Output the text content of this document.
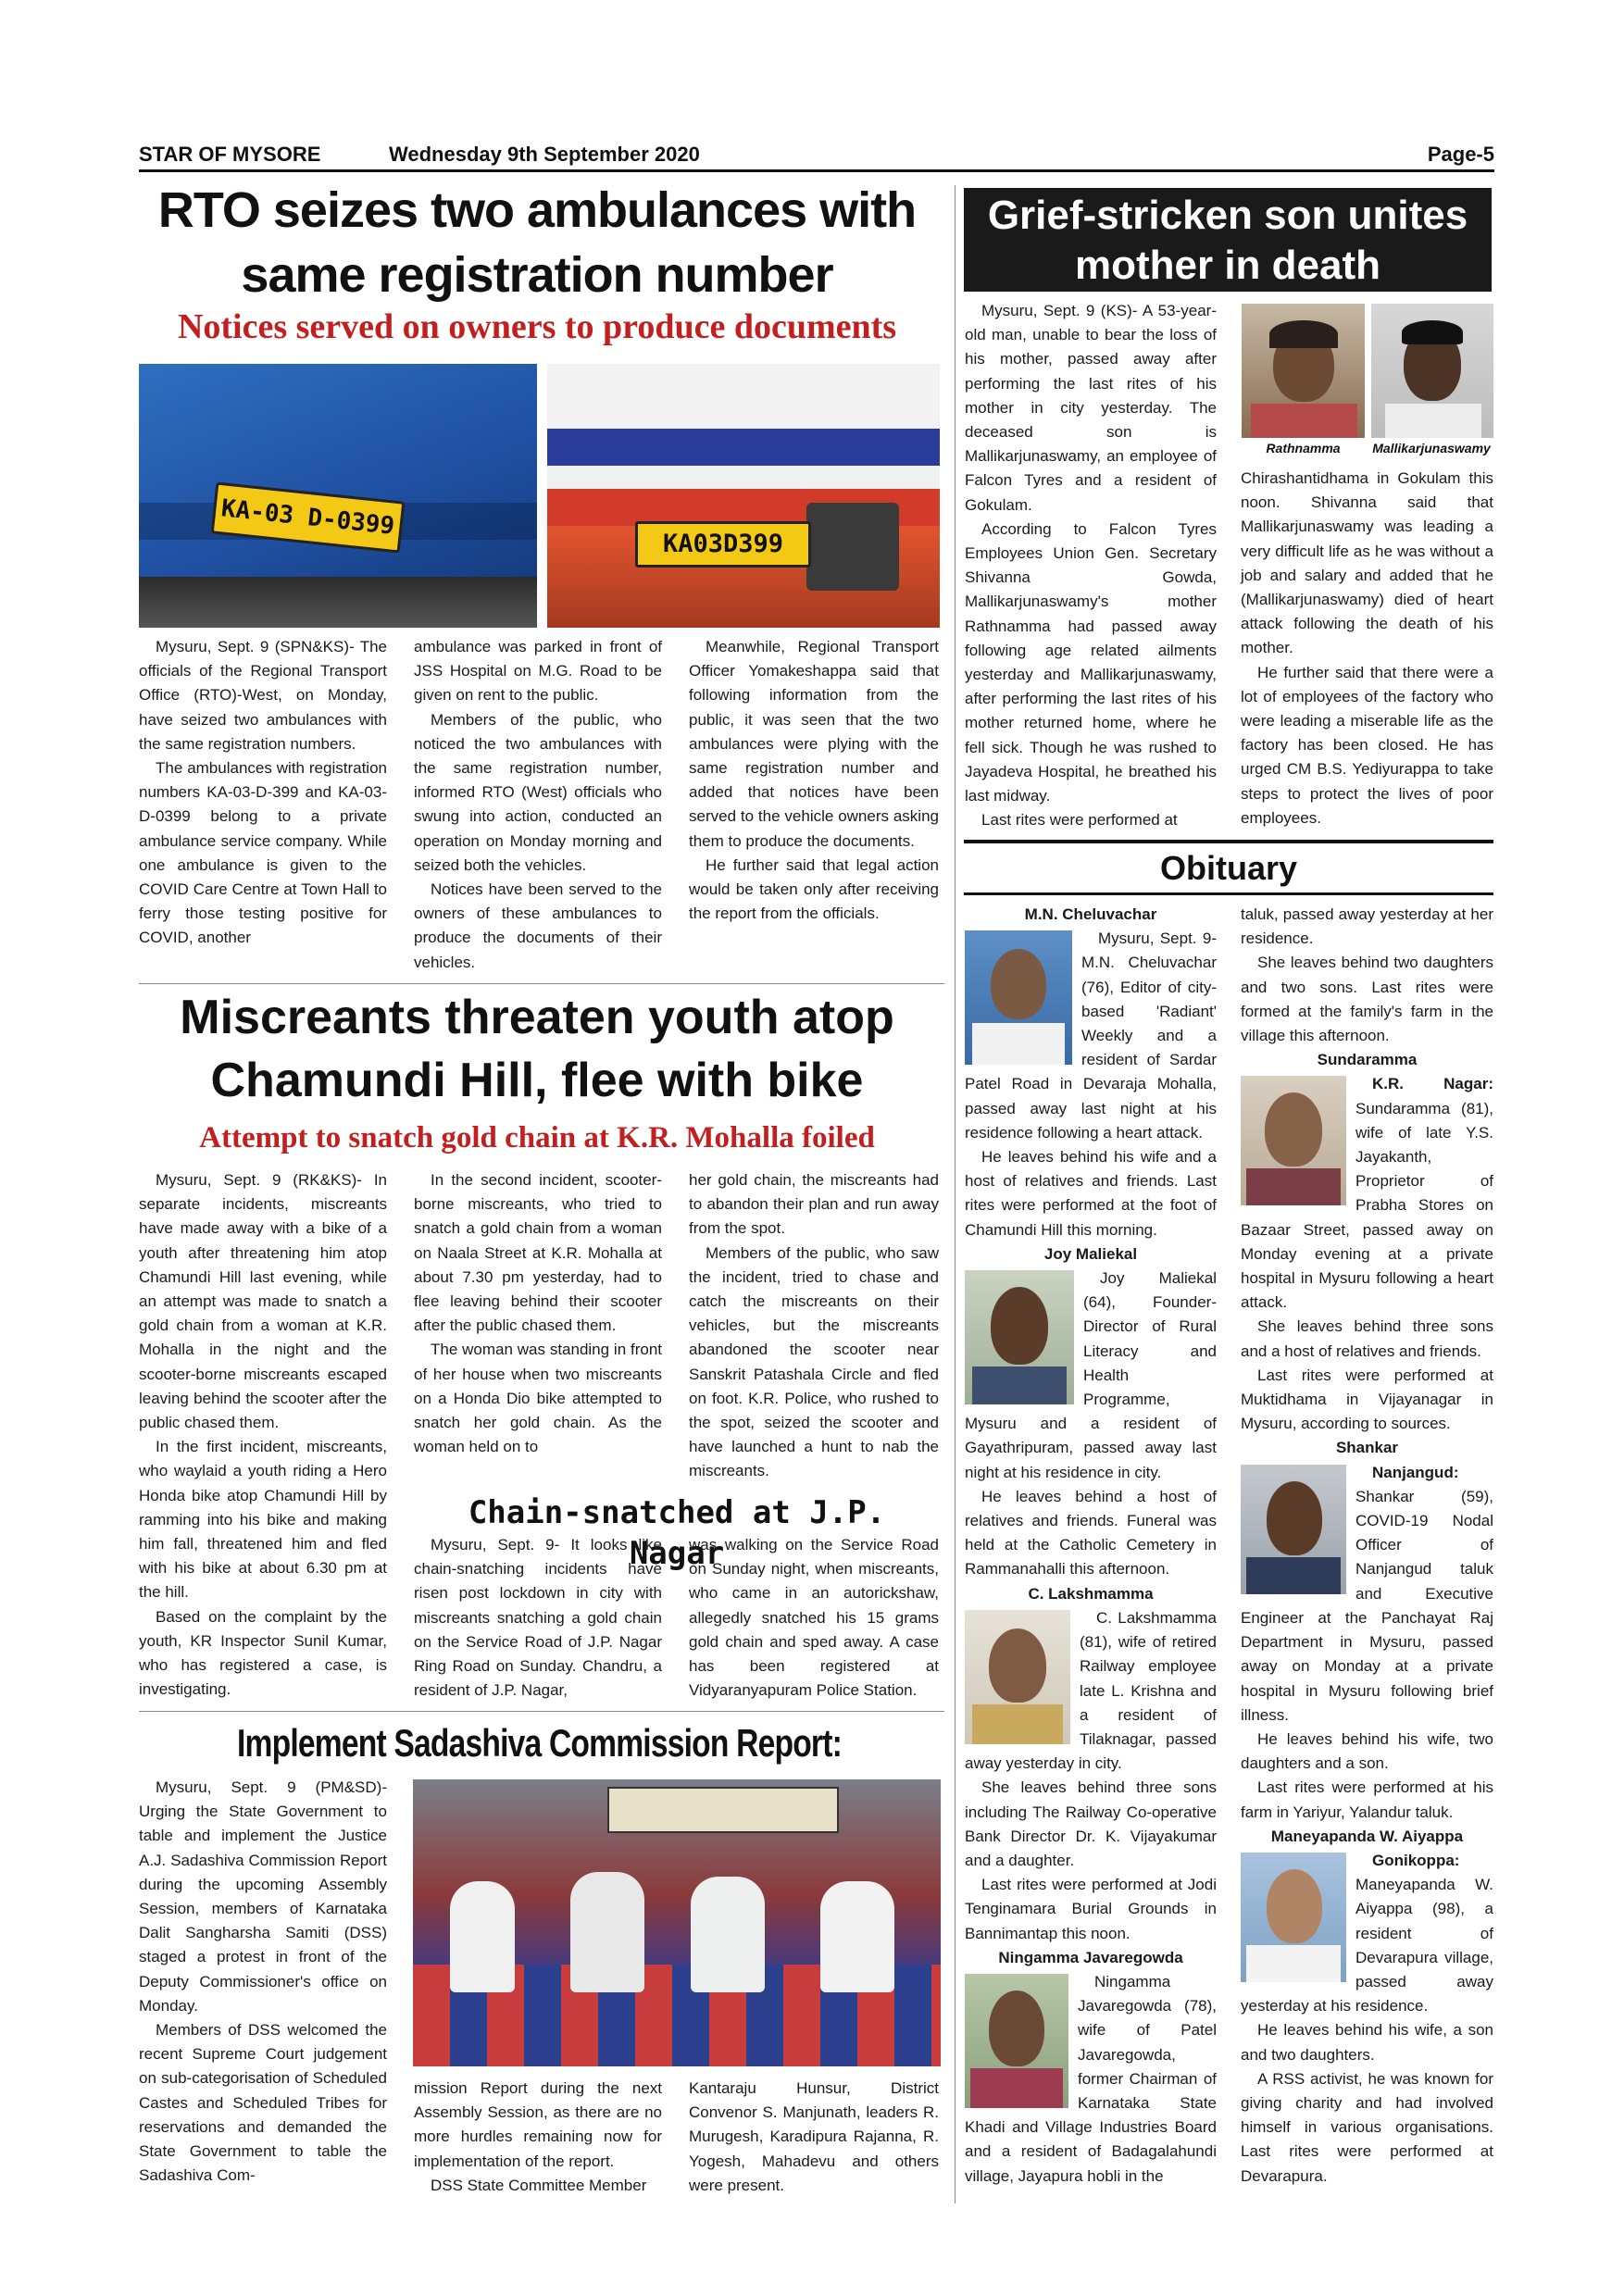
STAR OF MYSORE	Wednesday 9th September 2020	Page-5
RTO seizes two ambulances with
same registration number
Notices served on owners to produce documents
KA-03 D-0399
KA03D399

Mysuru, Sept. 9 (SPN&KS)- The officials of the Regional Transport Office (RTO)-West, on Monday, have seized two ambulances with the same registration numbers.

The ambulances with registration numbers KA-03-D-399 and KA-03-D-0399 belong to a private ambulance service company. While one ambulance is given to the COVID Care Centre at Town Hall to ferry those testing positive for COVID, another

ambulance was parked in front of JSS Hospital on M.G. Road to be given on rent to the public.

Members of the public, who noticed the two ambulances with the same registration number, informed RTO (West) officials who swung into action, conducted an operation on Monday morning and seized both the vehicles.

Notices have been served to the owners of these ambulances to produce the documents of their vehicles.

Meanwhile, Regional Transport Officer Yomakeshappa said that following information from the public, it was seen that the two ambulances were plying with the same registration number and added that notices have been served to the vehicle owners asking them to produce the documents.

He further said that legal action would be taken only after receiving the report from the officials.

Grief-stricken son unites
mother in death

Mysuru, Sept. 9 (KS)- A 53-year-old man, unable to bear the loss of his mother, passed away after performing the last rites of his mother in city yesterday. The deceased son is Mallikarjunaswamy, an employee of Falcon Tyres and a resident of Gokulam.

According to Falcon Tyres Employees Union Gen. Secretary Shivanna Gowda, Mallikarjunaswamy's mother Rathnamma had passed away following age related ailments yesterday and Mallikarjunaswamy, after performing the last rites of his mother returned home, where he fell sick. Though he was rushed to Jayadeva Hospital, he breathed his last midway.

Last rites were performed at

Rathnamma	Mallikarjunaswamy

Chirashantidhama in Gokulam this noon. Shivanna said that Mallikarjunaswamy was leading a very difficult life as he was without a job and salary and added that he (Mallikarjunaswamy) died of heart attack following the death of his mother.

He further said that there were a lot of employees of the factory who were leading a miserable life as the factory has been closed. He has urged CM B.S. Yediyurappa to take steps to protect the lives of poor employees.

Obituary

M.N. Cheluvachar

Mysuru, Sept. 9- M.N. Cheluvachar (76), Editor of city-based 'Radiant' Weekly and a resident of Sardar Patel Road in Devaraja Mohalla, passed away last night at his residence following a heart attack.

He leaves behind his wife and a host of relatives and friends. Last rites were performed at the foot of Chamundi Hill this morning.

Joy Maliekal

Joy Maliekal (64), Founder-Director of Rural Literacy and Health Programme, Mysuru and a resident of Gayathripuram, passed away last night at his residence in city.

He leaves behind a host of relatives and friends. Funeral was held at the Catholic Cemetery in Rammanahalli this afternoon.

C. Lakshmamma

C. Lakshmamma (81), wife of retired Railway employee late L. Krishna and a resident of Tilaknagar, passed away yesterday in city.

She leaves behind three sons including The Railway Co-operative Bank Director Dr. K. Vijayakumar and a daughter.

Last rites were performed at Jodi Tenginamara Burial Grounds in Bannimantap this noon.

Ningamma Javaregowda

Ningamma Javaregowda (78), wife of Patel Javaregowda, former Chairman of Karnataka State Khadi and Village Industries Board and a resident of Badagalahundi village, Jayapura hobli in the

taluk, passed away yesterday at her residence.

She leaves behind two daughters and two sons. Last rites were formed at the family's farm in the village this afternoon.

Sundaramma

K.R. Nagar: Sundaramma (81), wife of late Y.S. Jayakanth, Proprietor of Prabha Stores on Bazaar Street, passed away on Monday evening at a private hospital in Mysuru following a heart attack.

She leaves behind three sons and a host of relatives and friends.

Last rites were performed at Muktidhama in Vijayanagar in Mysuru, according to sources.

Shankar

Nanjangud: Shankar (59), COVID-19 Nodal Officer of Nanjangud taluk and Executive Engineer at the Panchayat Raj Department in Mysuru, passed away on Monday at a private hospital in Mysuru following brief illness.

He leaves behind his wife, two daughters and a son.

Last rites were performed at his farm in Yariyur, Yalandur taluk.

Maneyapanda W. Aiyappa

Gonikoppa: Maneyapanda W. Aiyappa (98), a resident of Devarapura village, passed away yesterday at his residence.

He leaves behind his wife, a son and two daughters.

A RSS activist, he was known for giving charity and had involved himself in various organisations. Last rites were performed at Devarapura.

Miscreants threaten youth atop
Chamundi Hill, flee with bike
Attempt to snatch gold chain at K.R. Mohalla foiled

Mysuru, Sept. 9 (RK&KS)- In separate incidents, miscreants have made away with a bike of a youth after threatening him atop Chamundi Hill last evening, while an attempt was made to snatch a gold chain from a woman at K.R. Mohalla in the night and the scooter-borne miscreants escaped leaving behind the scooter after the public chased them.

In the first incident, miscreants, who waylaid a youth riding a Hero Honda bike atop Chamundi Hill by ramming into his bike and making him fall, threatened him and fled with his bike at about 6.30 pm at the hill.

Based on the complaint by the youth, KR Inspector Sunil Kumar, who has registered a case, is investigating.

In the second incident, scooter-borne miscreants, who tried to snatch a gold chain from a woman on Naala Street at K.R. Mohalla at about 7.30 pm yesterday, had to flee leaving behind their scooter after the public chased them.

The woman was standing in front of her house when two miscreants on a Honda Dio bike attempted to snatch her gold chain. As the woman held on to

her gold chain, the miscreants had to abandon their plan and run away from the spot.

Members of the public, who saw the incident, tried to chase and catch the miscreants on their vehicles, but the miscreants abandoned the scooter near Sanskrit Patashala Circle and fled on foot. K.R. Police, who rushed to the spot, seized the scooter and have launched a hunt to nab the miscreants.

Chain-snatched at J.P. Nagar

Mysuru, Sept. 9- It looks like chain-snatching incidents have risen post lockdown in city with miscreants snatching a gold chain on the Service Road of J.P. Nagar Ring Road on Sunday. Chandru, a resident of J.P. Nagar,

was walking on the Service Road on Sunday night, when miscreants, who came in an autorickshaw, allegedly snatched his 15 grams gold chain and sped away. A case has been registered at Vidyaranyapuram Police Station.

Implement Sadashiva Commission Report:

Mysuru, Sept. 9 (PM&SD)- Urging the State Government to table and implement the Justice A.J. Sadashiva Commission Report during the upcoming Assembly Session, members of Karnataka Dalit Sangharsha Samiti (DSS) staged a protest in front of the Deputy Commissioner's office on Monday.

Members of DSS welcomed the recent Supreme Court judgement on sub-categorisation of Scheduled Castes and Scheduled Tribes for reservations and demanded the State Government to table the Sadashiva Com-

mission Report during the next Assembly Session, as there are no more hurdles remaining now for implementation of the report.

DSS State Committee Member

Kantaraju Hunsur, District Convenor S. Manjunath, leaders R. Murugesh, Karadipura Rajanna, R. Yogesh, Mahadevu and others were present.
